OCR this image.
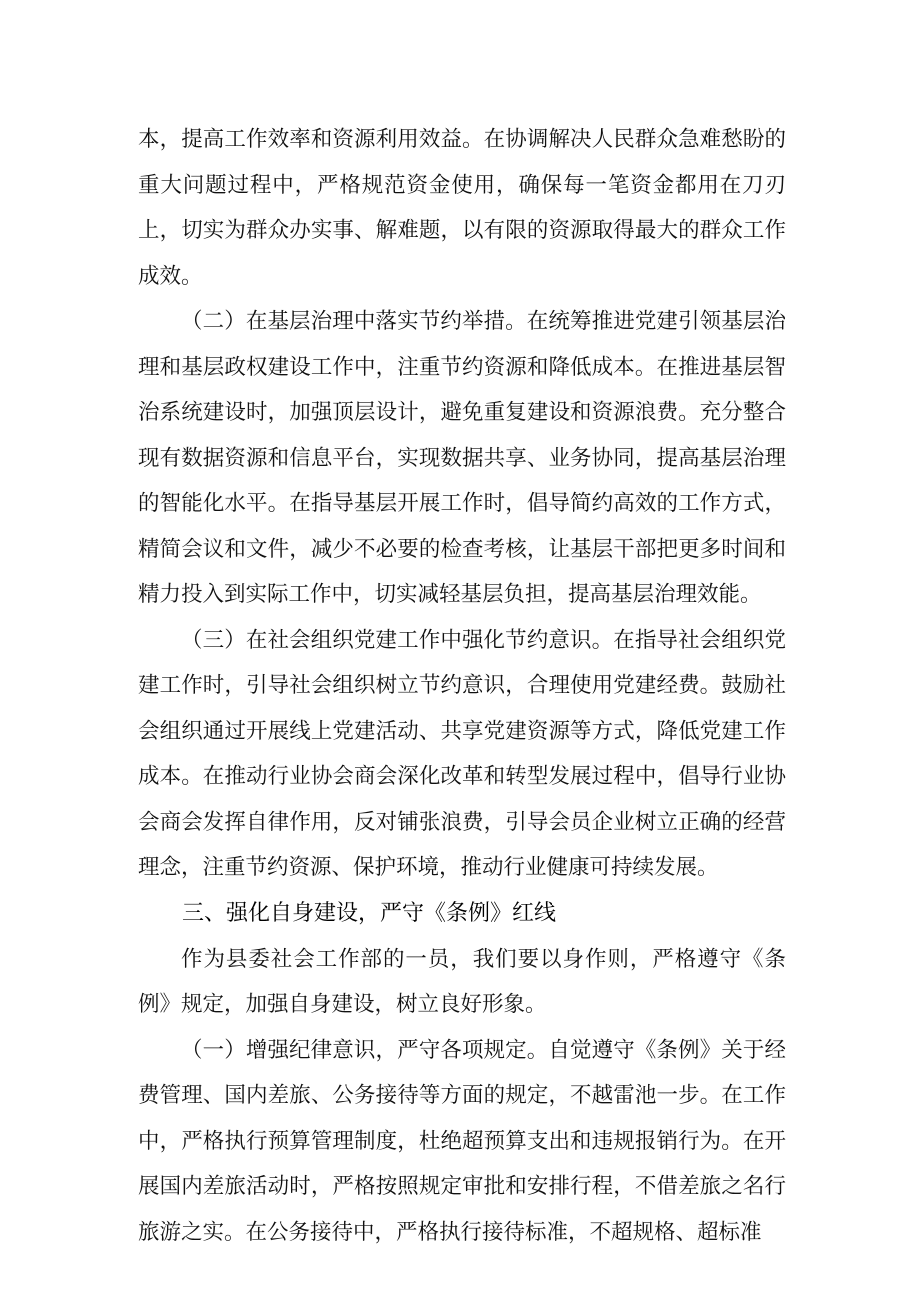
本，提高工作效率和资源利用效益。在协调解决人民群众急难愁盼的重大问题过程中，严格规范资金使用，确保每一笔资金都用在刀刃上，切实为群众办实事、解难题，以有限的资源取得最大的群众工作成效。

（二）在基层治理中落实节约举措。在统筹推进党建引领基层治理和基层政权建设工作中，注重节约资源和降低成本。在推进基层智治系统建设时，加强顶层设计，避免重复建设和资源浪费。充分整合现有数据资源和信息平台，实现数据共享、业务协同，提高基层治理的智能化水平。在指导基层开展工作时，倡导简约高效的工作方式，精简会议和文件，减少不必要的检查考核，让基层干部把更多时间和精力投入到实际工作中，切实减轻基层负担，提高基层治理效能。

（三）在社会组织党建工作中强化节约意识。在指导社会组织党建工作时，引导社会组织树立节约意识，合理使用党建经费。鼓励社会组织通过开展线上党建活动、共享党建资源等方式，降低党建工作成本。在推动行业协会商会深化改革和转型发展过程中，倡导行业协会商会发挥自律作用，反对铺张浪费，引导会员企业树立正确的经营理念，注重节约资源、保护环境，推动行业健康可持续发展。

三、强化自身建设，严守《条例》红线

作为县委社会工作部的一员，我们要以身作则，严格遵守《条例》规定，加强自身建设，树立良好形象。

（一）增强纪律意识，严守各项规定。自觉遵守《条例》关于经费管理、国内差旅、公务接待等方面的规定，不越雷池一步。在工作中，严格执行预算管理制度，杜绝超预算支出和违规报销行为。在开展国内差旅活动时，严格按照规定审批和安排行程，不借差旅之名行旅游之实。在公务接待中，严格执行接待标准，不超规格、超标准
